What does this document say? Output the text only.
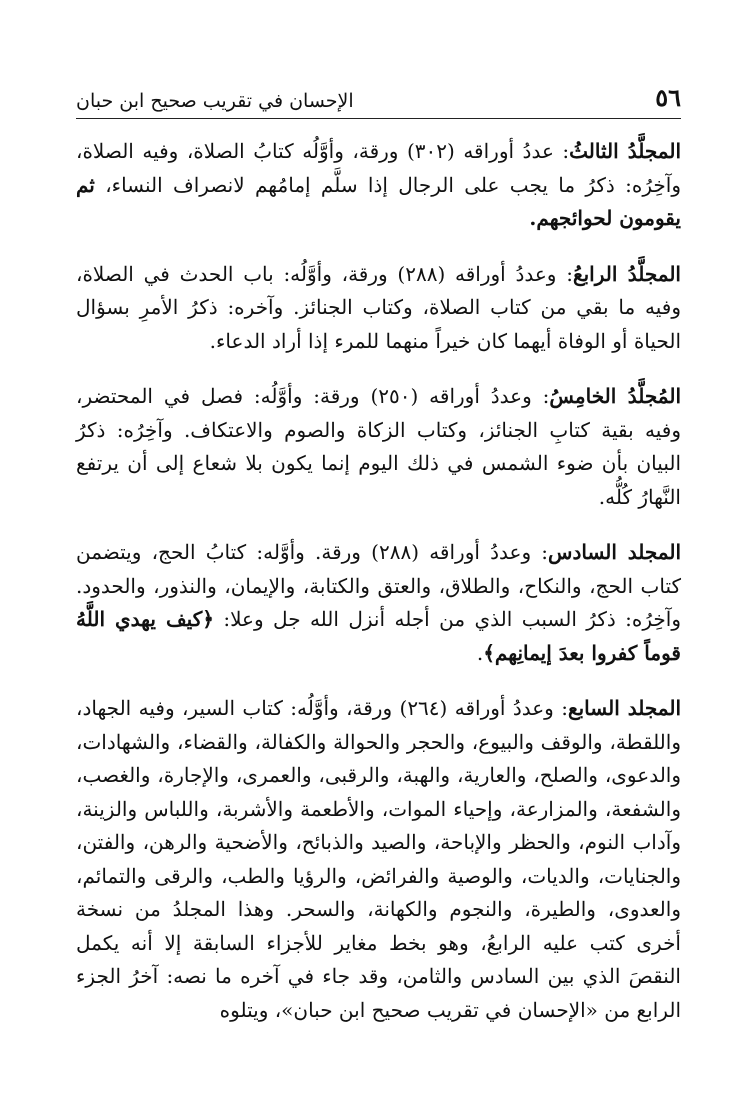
٥٦
الإحسان في تقريب صحيح ابن حبان

المجلَّدُ الثالثُ: عددُ أوراقه (٣٠٢) ورقة، وأوَّلُه كتابُ الصلاة، وفيه الصلاة، وآخِرُه: ذكرُ ما يجب على الرجال إذا سلَّم إمامُهم لانصراف النساء، ثم يقومون لحوائجهم.

المجلَّدُ الرابعُ: وعددُ أوراقه (٢٨٨) ورقة، وأوَّلُه: باب الحدث في الصلاة، وفيه ما بقي من كتاب الصلاة، وكتاب الجنائز. وآخره: ذكرُ الأمرِ بسؤال الحياة أو الوفاة أيهما كان خيراً منهما للمرء إذا أراد الدعاء.

المُجلَّدُ الخامِسُ: وعددُ أوراقه (٢٥٠) ورقة: وأوَّلُه: فصل في المحتضر، وفيه بقية كتابِ الجنائز، وكتاب الزكاة والصوم والاعتكاف. وآخِرُه: ذكرُ البيان بأن ضوء الشمس في ذلك اليوم إنما يكون بلا شعاع إلى أن يرتفع النَّهارُ كُلُّه.

المجلد السادس: وعددُ أوراقه (٢٨٨) ورقة. وأوَّله: كتابُ الحج، ويتضمن كتاب الحج، والنكاح، والطلاق، والعتق والكتابة، والإيمان، والنذور، والحدود. وآخِرُه: ذكرُ السبب الذي من أجله أنزل الله جل وعلا: ﴿كيف يهدي اللَّهُ قوماً كفروا بعدَ إيمانِهم﴾.

المجلد السابع: وعددُ أوراقه (٢٦٤) ورقة، وأوَّلُه: كتاب السير، وفيه الجهاد، واللقطة، والوقف والبيوع، والحجر والحوالة والكفالة، والقضاء، والشهادات، والدعوى، والصلح، والعارية، والهبة، والرقبى، والعمرى، والإجارة، والغصب، والشفعة، والمزارعة، وإحياء الموات، والأطعمة والأشربة، واللباس والزينة، وآداب النوم، والحظر والإباحة، والصيد والذبائح، والأضحية والرهن، والفتن، والجنايات، والديات، والوصية والفرائض، والرؤيا والطب، والرقى والتمائم، والعدوى، والطيرة، والنجوم والكهانة، والسحر. وهذا المجلدُ من نسخة أخرى كتب عليه الرابعُ، وهو بخط مغاير للأجزاء السابقة إلا أنه يكمل النقصَ الذي بين السادس والثامن، وقد جاء في آخره ما نصه: آخرُ الجزء الرابع من «الإحسان في تقريب صحيح ابن حبان»، ويتلوه
